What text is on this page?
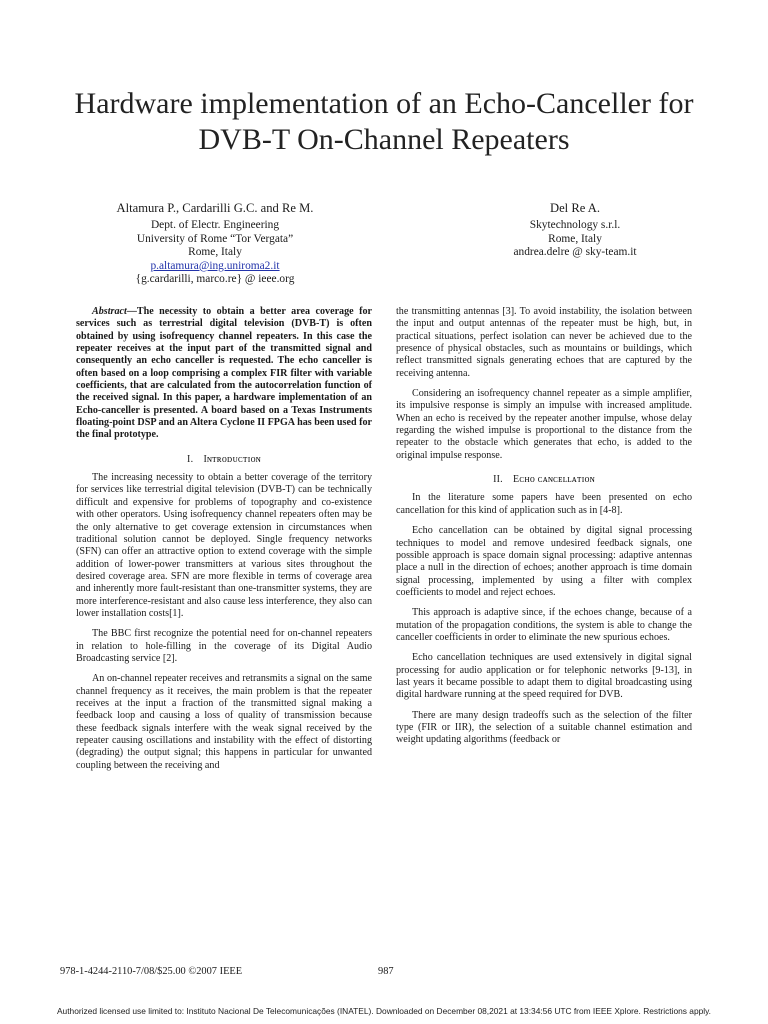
Hardware implementation of an Echo-Canceller for DVB-T On-Channel Repeaters
Altamura P., Cardarilli G.C. and Re M.
Dept. of Electr. Engineering
University of Rome “Tor Vergata”
Rome, Italy
p.altamura@ing.uniroma2.it
{g.cardarilli, marco.re} @ ieee.org
Del Re A.
Skytechnology s.r.l.
Rome, Italy
andrea.delre @ sky-team.it

Abstract—The necessity to obtain a better area coverage for services such as terrestrial digital television (DVB-T) is often obtained by using isofrequency channel repeaters. In this case the repeater receives at the input part of the transmitted signal and consequently an echo canceller is requested. The echo canceller is often based on a loop comprising a complex FIR filter with variable coefficients, that are calculated from the autocorrelation function of the received signal. In this paper, a hardware implementation of an Echo-canceller is presented. A board based on a Texas Instruments floating-point DSP and an Altera Cyclone II FPGA has been used for the final prototype.

I. Iɴᴛʀᴏᴅᴜᴄᴛɪᴏɴ

The increasing necessity to obtain a better coverage of the territory for services like terrestrial digital television (DVB-T) can be technically difficult and expensive for problems of topography and co-existence with other operators. Using isofrequency channel repeaters often may be the only alternative to get coverage extension in circumstances when traditional solution cannot be deployed. Single frequency networks (SFN) can offer an attractive option to extend coverage with the simple addition of lower-power transmitters at various sites throughout the desired coverage area. SFN are more flexible in terms of coverage area and inherently more fault-resistant than one-transmitter systems, they are more interference-resistant and also cause less interference, they also can lower installation costs[1].

The BBC first recognize the potential need for on-channel repeaters in relation to hole-filling in the coverage of its Digital Audio Broadcasting service [2].

An on-channel repeater receives and retransmits a signal on the same channel frequency as it receives, the main problem is that the repeater receives at the input a fraction of the transmitted signal making a feedback loop and causing a loss of quality of transmission because these feedback signals interfere with the weak signal received by the repeater causing oscillations and instability with the effect of distorting (degrading) the output signal; this happens in particular for unwanted coupling between the receiving and

the transmitting antennas [3]. To avoid instability, the isolation between the input and output antennas of the repeater must be high, but, in practical situations, perfect isolation can never be achieved due to the presence of physical obstacles, such as mountains or buildings, which reflect transmitted signals generating echoes that are captured by the receiving antenna.

Considering an isofrequency channel repeater as a simple amplifier, its impulsive response is simply an impulse with increased amplitude. When an echo is received by the repeater another impulse, whose delay regarding the wished impulse is proportional to the distance from the repeater to the obstacle which generates that echo, is added to the original impulse response.

II. Eᴄʜᴏ ᴄᴀɴᴄᴇʟʟᴀᴛɪᴏɴ

In the literature some papers have been presented on echo cancellation for this kind of application such as in [4-8].

Echo cancellation can be obtained by digital signal processing techniques to model and remove undesired feedback signals, one possible approach is space domain signal processing: adaptive antennas place a null in the direction of echoes; another approach is time domain signal processing, implemented by using a filter with complex coefficients to model and reject echoes.

This approach is adaptive since, if the echoes change, because of a mutation of the propagation conditions, the system is able to change the canceller coefficients in order to eliminate the new spurious echoes.

Echo cancellation techniques are used extensively in digital signal processing for audio application or for telephonic networks [9-13], in last years it became possible to adapt them to digital broadcasting using digital hardware running at the speed required for DVB.

There are many design tradeoffs such as the selection of the filter type (FIR or IIR), the selection of a suitable channel estimation and weight updating algorithms (feedback or

978-1-4244-2110-7/08/$25.00 ©2007 IEEE	987
Authorized licensed use limited to: Instituto Nacional De Telecomunicações (INATEL). Downloaded on December 08,2021 at 13:34:56 UTC from IEEE Xplore. Restrictions apply.
